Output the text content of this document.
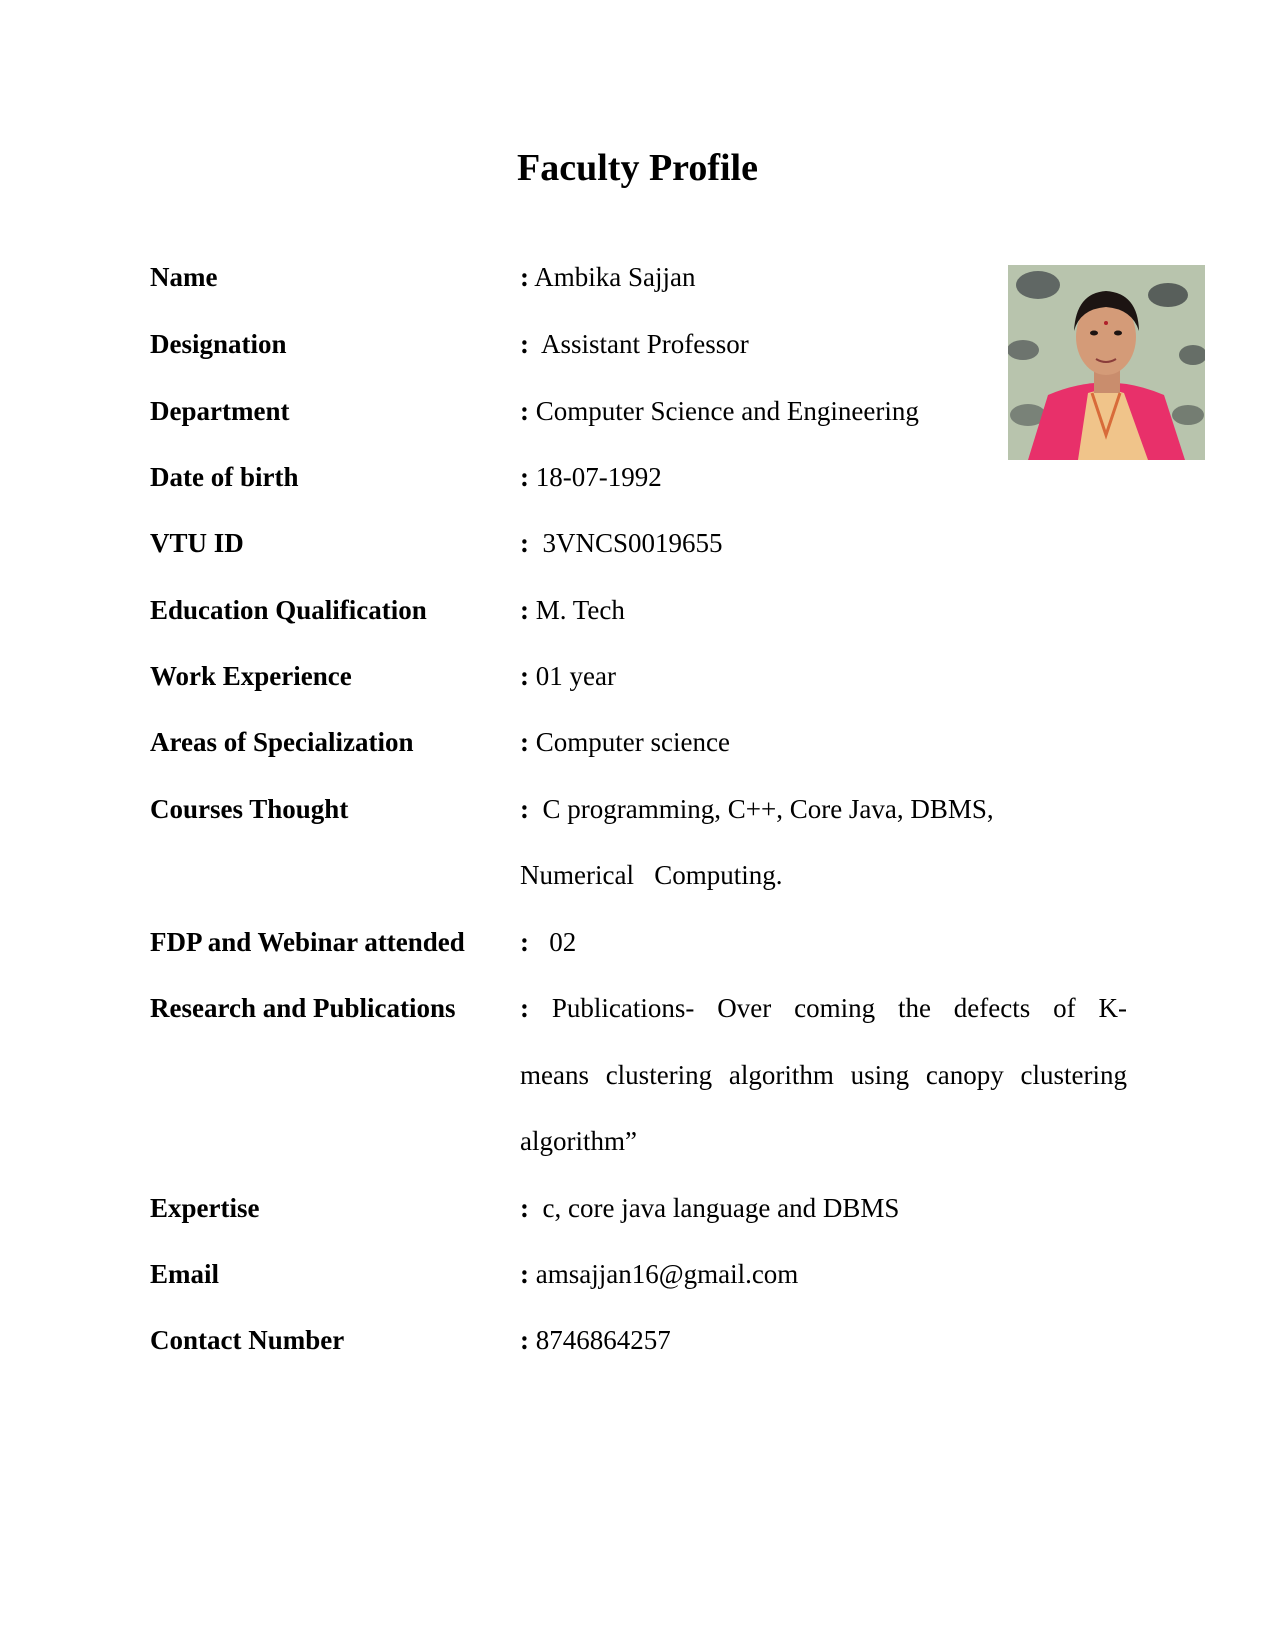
Faculty Profile
Name	: Ambika Sajjan
Designation	:  Assistant Professor
Department	: Computer Science and Engineering
Date of birth	: 18-07-1992
VTU ID	:  3VNCS0019655
Education Qualification	: M. Tech
Work Experience	: 01 year
Areas of Specialization	: Computer science
Courses Thought	:  C programming, C++, Core Java, DBMS,
Numerical   Computing.
FDP and Webinar attended :   02
Research and Publications : Publications- Over coming the defects of K-
means clustering algorithm using canopy clustering
algorithm”
Expertise	:  c, core java language and DBMS
Email	: amsajjan16@gmail.com
Contact Number	: 8746864257
